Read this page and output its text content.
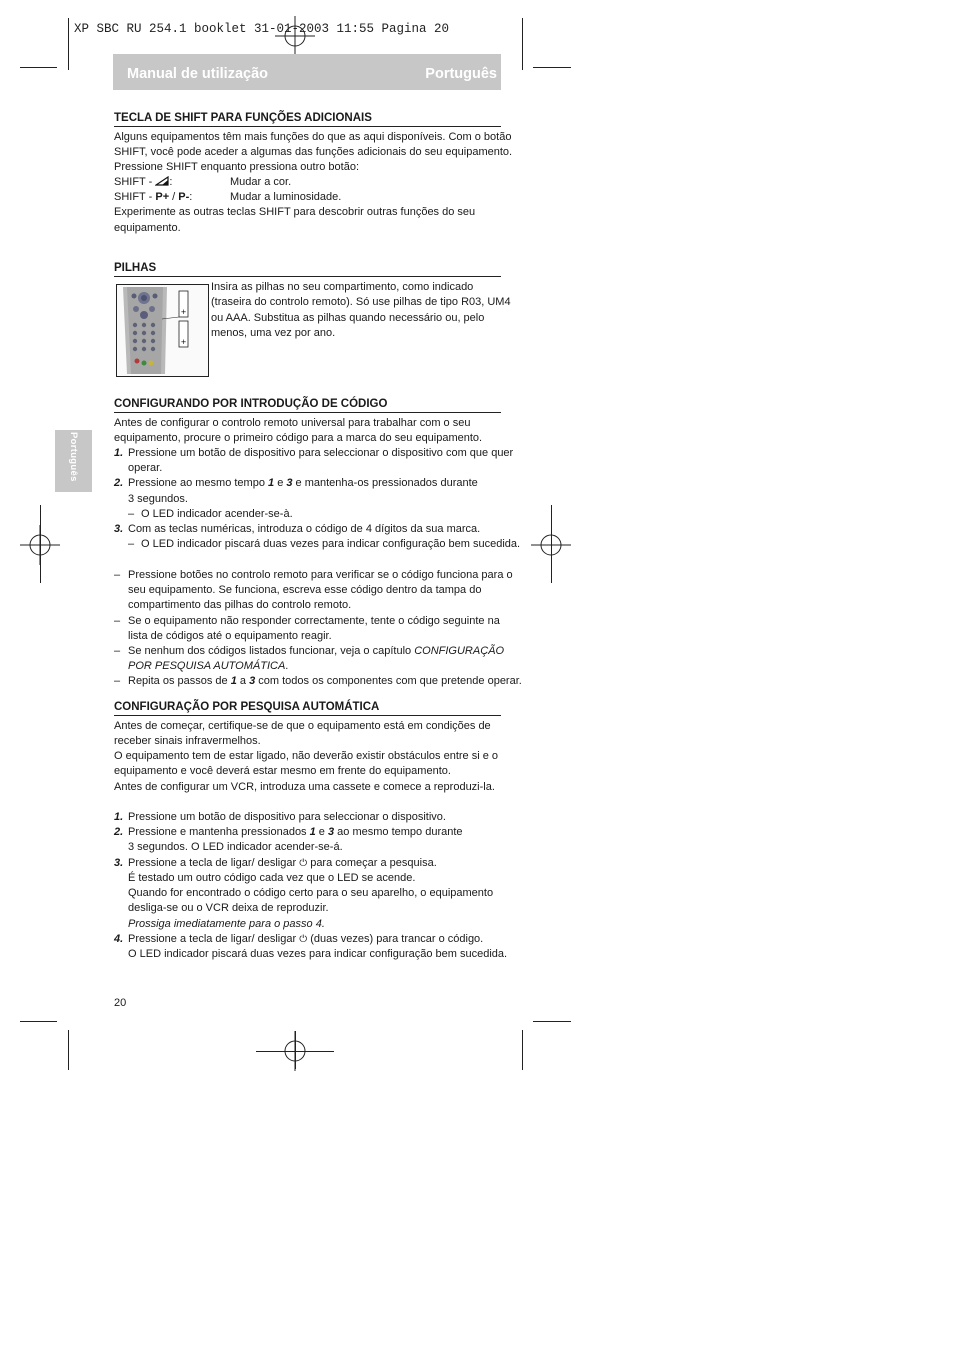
XP SBC RU 254.1 booklet 31-01-2003 11:55 Pagina 20
Manual de utilização	Português
Português
TECLA DE SHIFT PARA FUNÇÕES ADICIONAIS
Alguns equipamentos têm mais funções do que as aqui disponíveis. Com o botão
SHIFT, você pode aceder a algumas das funções adicionais do seu equipamento.
Pressione SHIFT enquanto pressiona outro botão:
SHIFT - :	Mudar a cor.
SHIFT - P+ / P-:	Mudar a luminosidade.
Experimente as outras teclas SHIFT para descobrir outras funções do seu
equipamento.
PILHAS
+
+
Insira as pilhas no seu compartimento, como indicado
(traseira do controlo remoto). Só use pilhas de tipo R03, UM4
ou AAA. Substitua as pilhas quando necessário ou, pelo
menos, uma vez por ano.
CONFIGURANDO POR INTRODUÇÃO DE CÓDIGO
Antes de configurar o controlo remoto universal para trabalhar com o seu
equipamento, procure o primeiro código para a marca do seu equipamento.
1. Pressione um botão de dispositivo para seleccionar o dispositivo com que quer
operar.
2. Pressione ao mesmo tempo 1 e 3 e mantenha-os pressionados durante
3 segundos.
– O LED indicador acender-se-à.
3. Com as teclas numéricas, introduza o código de 4 dígitos da sua marca.
– O LED indicador piscará duas vezes para indicar configuração bem sucedida.
– Pressione botões no controlo remoto para verificar se o código funciona para o
seu equipamento. Se funciona, escreva esse código dentro da tampa do
compartimento das pilhas do controlo remoto.
– Se o equipamento não responder correctamente, tente o código seguinte na
lista de códigos até o equipamento reagir.
– Se nenhum dos códigos listados funcionar, veja o capítulo CONFIGURAÇÃO
POR PESQUISA AUTOMÁTICA.
– Repita os passos de 1 a 3 com todos os componentes com que pretende operar.
CONFIGURAÇÃO POR PESQUISA AUTOMÁTICA
Antes de começar, certifique-se de que o equipamento está em condições de
receber sinais infravermelhos.
O equipamento tem de estar ligado, não deverão existir obstáculos entre si e o
equipamento e você deverá estar mesmo em frente do equipamento.
Antes de configurar um VCR, introduza uma cassete e comece a reproduzi-la.
1. Pressione um botão de dispositivo para seleccionar o dispositivo.
2. Pressione e mantenha pressionados 1 e 3 ao mesmo tempo durante
3 segundos. O LED indicador acender-se-á.
3. Pressione a tecla de ligar/ desligar ⏻ para começar a pesquisa.
É testado um outro código cada vez que o LED se acende.
Quando for encontrado o código certo para o seu aparelho, o equipamento
desliga-se ou o VCR deixa de reproduzir.
Prossiga imediatamente para o passo 4.
4. Pressione a tecla de ligar/ desligar ⏻ (duas vezes) para trancar o código.
O LED indicador piscará duas vezes para indicar configuração bem sucedida.
20
